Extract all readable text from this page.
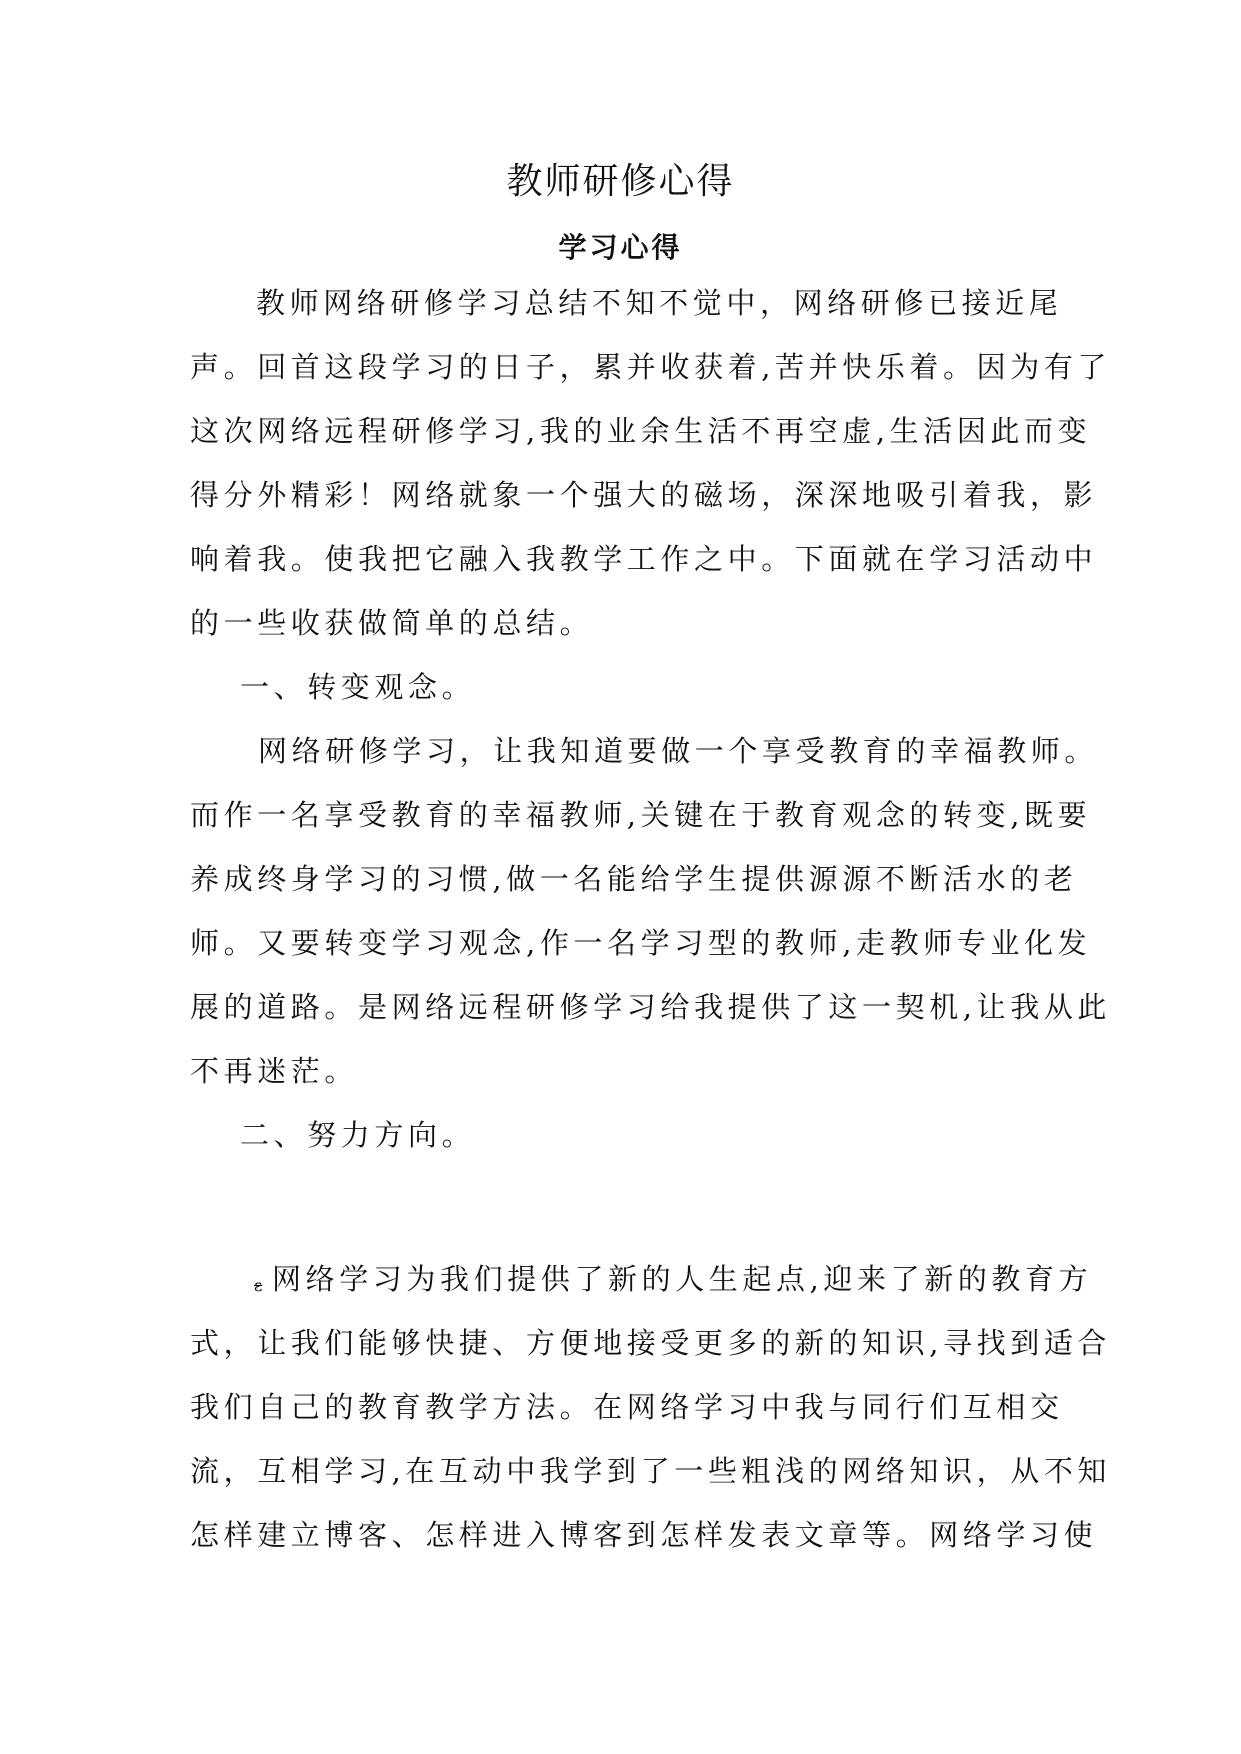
教师研修心得
学习心得

教师网络研修学习总结不知不觉中，网络研修已接近尾

声。回首这段学习的日子，累并收获着,苦并快乐着。因为有了

这次网络远程研修学习,我的业余生活不再空虚,生活因此而变

得分外精彩！网络就象一个强大的磁场，深深地吸引着我，影

响着我。使我把它融入我教学工作之中。下面就在学习活动中

的一些收获做简单的总结。

一、转变观念。

网络研修学习，让我知道要做一个享受教育的幸福教师。

而作一名享受教育的幸福教师,关键在于教育观念的转变,既要

养成终身学习的习惯,做一名能给学生提供源源不断活水的老

师。又要转变学习观念,作一名学习型的教师,走教师专业化发

展的道路。是网络远程研修学习给我提供了这一契机,让我从此

不再迷茫。

二、努力方向。

ε 网络学习为我们提供了新的人生起点,迎来了新的教育方

式，让我们能够快捷、方便地接受更多的新的知识,寻找到适合

我们自己的教育教学方法。在网络学习中我与同行们互相交

流，互相学习,在互动中我学到了一些粗浅的网络知识，从不知

怎样建立博客、怎样进入博客到怎样发表文章等。网络学习使
